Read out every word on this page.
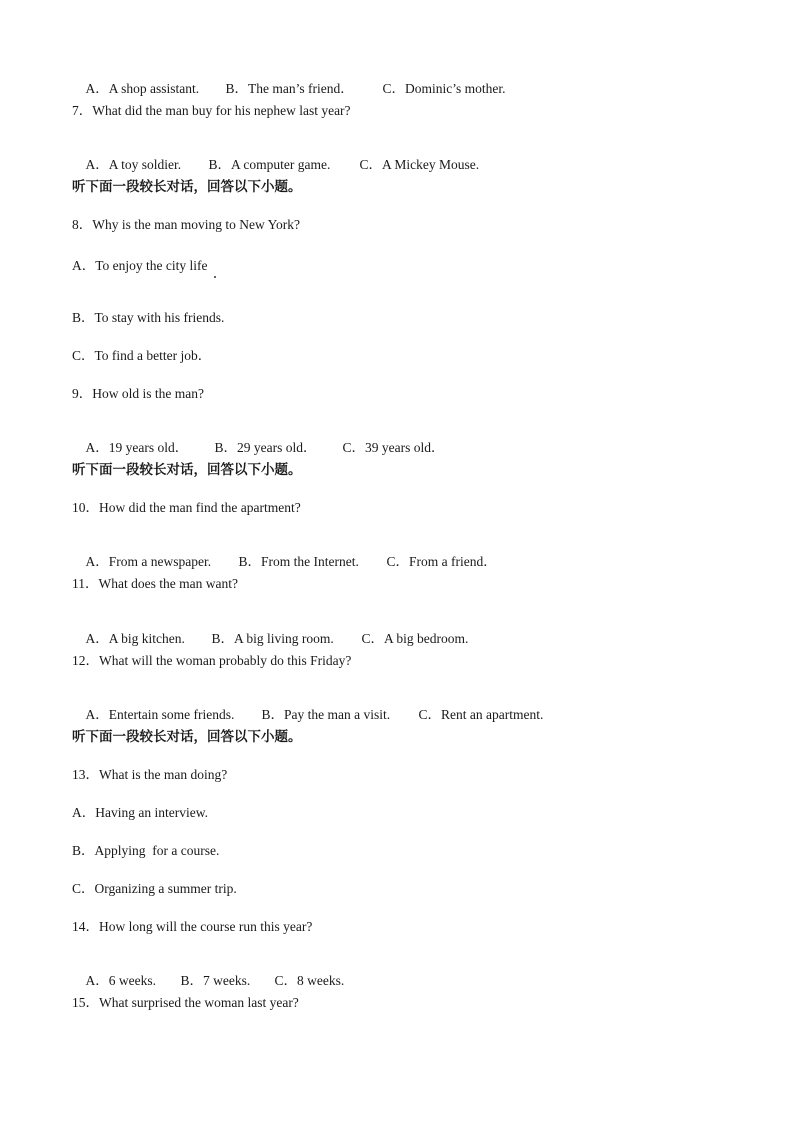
A．A shop assistant. B．The man’s friend． C．Dominic’s mother.

7．What did the man buy for his nephew last year?

A．A toy soldier. B．A computer game. C．A Mickey Mouse.

听下面一段较长对话，回答以下小题。
8．Why is the man moving to New York?
A．To enjoy the city life
B．To stay with his friends.
C．To find a better job．
9．How old is the man?

A．19 years old． B．29 years old． C．39 years old．

听下面一段较长对话，回答以下小题。
10．How did the man find the apartment?

A．From a newspaper. B．From the Internet. C．From a friend．

11．What does the man want?

A．A big kitchen. B．A big living room. C．A big bedroom.

12．What will the woman probably do this Friday?

A．Entertain some friends. B．Pay the man a visit. C．Rent an apartment.

听下面一段较长对话，回答以下小题。
13．What is the man doing?
A．Having an interview.
B．Applying  for a course.
C．Organizing a summer trip.
14．How long will the course run this year?

A．6 weeks. B．7 weeks. C．8 weeks.

15．What surprised the woman last year?
